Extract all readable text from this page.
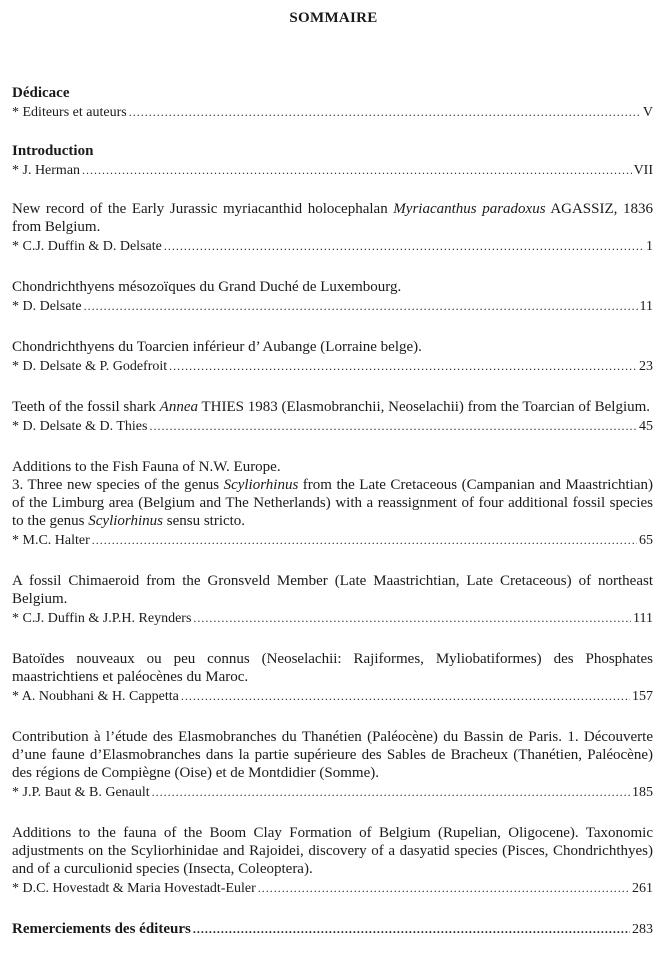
SOMMAIRE

Dédicace

* Editeurs et auteurs .....	V

Introduction

* J. Herman .....	VII

New record of the Early Jurassic myriacanthid holocephalan Myriacanthus paradoxus AGASSIZ, 1836 from Belgium.

* C.J. Duffin & D. Delsate .....	1

Chondrichthyens mésozoïques du Grand Duché de Luxembourg.

* D. Delsate .....	11

Chondrichthyens du Toarcien inférieur d’ Aubange (Lorraine belge).

* D. Delsate & P. Godefroit .....	23

Teeth of the fossil shark Annea THIES 1983 (Elasmobranchii, Neoselachii) from the Toarcian of Belgium.

* D. Delsate & D. Thies .....	45

Additions to the Fish Fauna of N.W. Europe.
3. Three new species of the genus Scyliorhinus from the Late Cretaceous (Campanian and Maastrichtian) of the Limburg area (Belgium and The Netherlands) with a reassignment of four additional fossil species to the genus Scyliorhinus sensu stricto.

* M.C. Halter .....	65

A fossil Chimaeroid from the Gronsveld Member (Late Maastrichtian, Late Cretaceous) of northeast Belgium.

* C.J. Duffin & J.P.H. Reynders .....	111

Batoïdes nouveaux ou peu connus (Neoselachii: Rajiformes, Myliobatiformes) des Phosphates maastrichtiens et paléocènes du Maroc.

* A. Noubhani & H. Cappetta .....	157

Contribution à l’étude des Elasmobranches du Thanétien (Paléocène) du Bassin de Paris. 1. Découverte d’une faune d’Elasmobranches dans la partie supérieure des Sables de Bracheux (Thanétien, Paléocène) des régions de Compiègne (Oise) et de Montdidier (Somme).

* J.P. Baut & B. Genault .....	185

Additions to the fauna of the Boom Clay Formation of Belgium (Rupelian, Oligocene). Taxonomic adjustments on the Scyliorhinidae and Rajoidei, discovery of a dasyatid species (Pisces, Chondrichthyes) and of a curculionid species (Insecta, Coleoptera).

* D.C. Hovestadt & Maria Hovestadt-Euler .....	261
Remerciements des éditeurs .....	283
